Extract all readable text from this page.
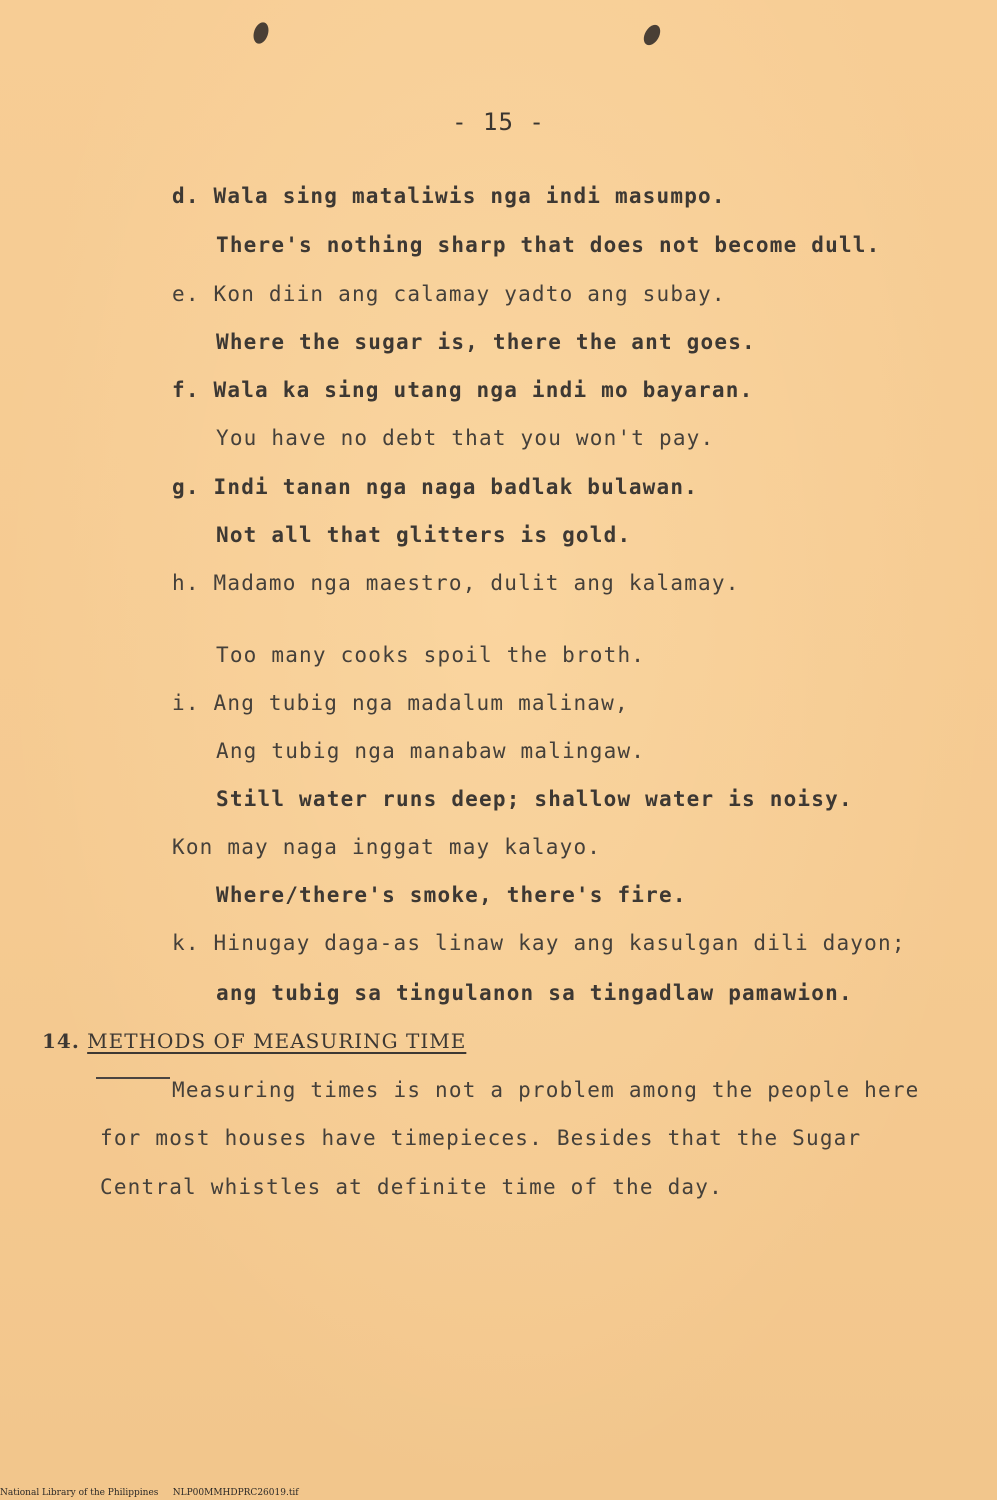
- 15 -
d. Wala sing mataliwis nga indi masumpo.
There's nothing sharp that does not become dull.
e. Kon diin ang calamay yadto ang subay.
Where the sugar is, there the ant goes.
f. Wala ka sing utang nga indi mo bayaran.
You have no debt that you won't pay.
g. Indi tanan nga naga badlak bulawan.
Not all that glitters is gold.
h. Madamo nga maestro, dulit ang kalamay.
Too many cooks spoil the broth.
i. Ang tubig nga madalum malinaw,
Ang tubig nga manabaw malingaw.
Still water runs deep; shallow water is noisy.
Kon may naga inggat may kalayo.
Where/there's smoke, there's fire.
k. Hinugay daga-as linaw kay ang kasulgan dili dayon;
ang tubig sa tingulanon sa tingadlaw pamawion.
14. METHODS OF MEASURING TIME
Measuring times is not a problem among the people here
for most houses have timepieces. Besides that the Sugar
Central whistles at definite time of the day.
National Library of the Philippines NLP00MMHDPRC26019.tif
